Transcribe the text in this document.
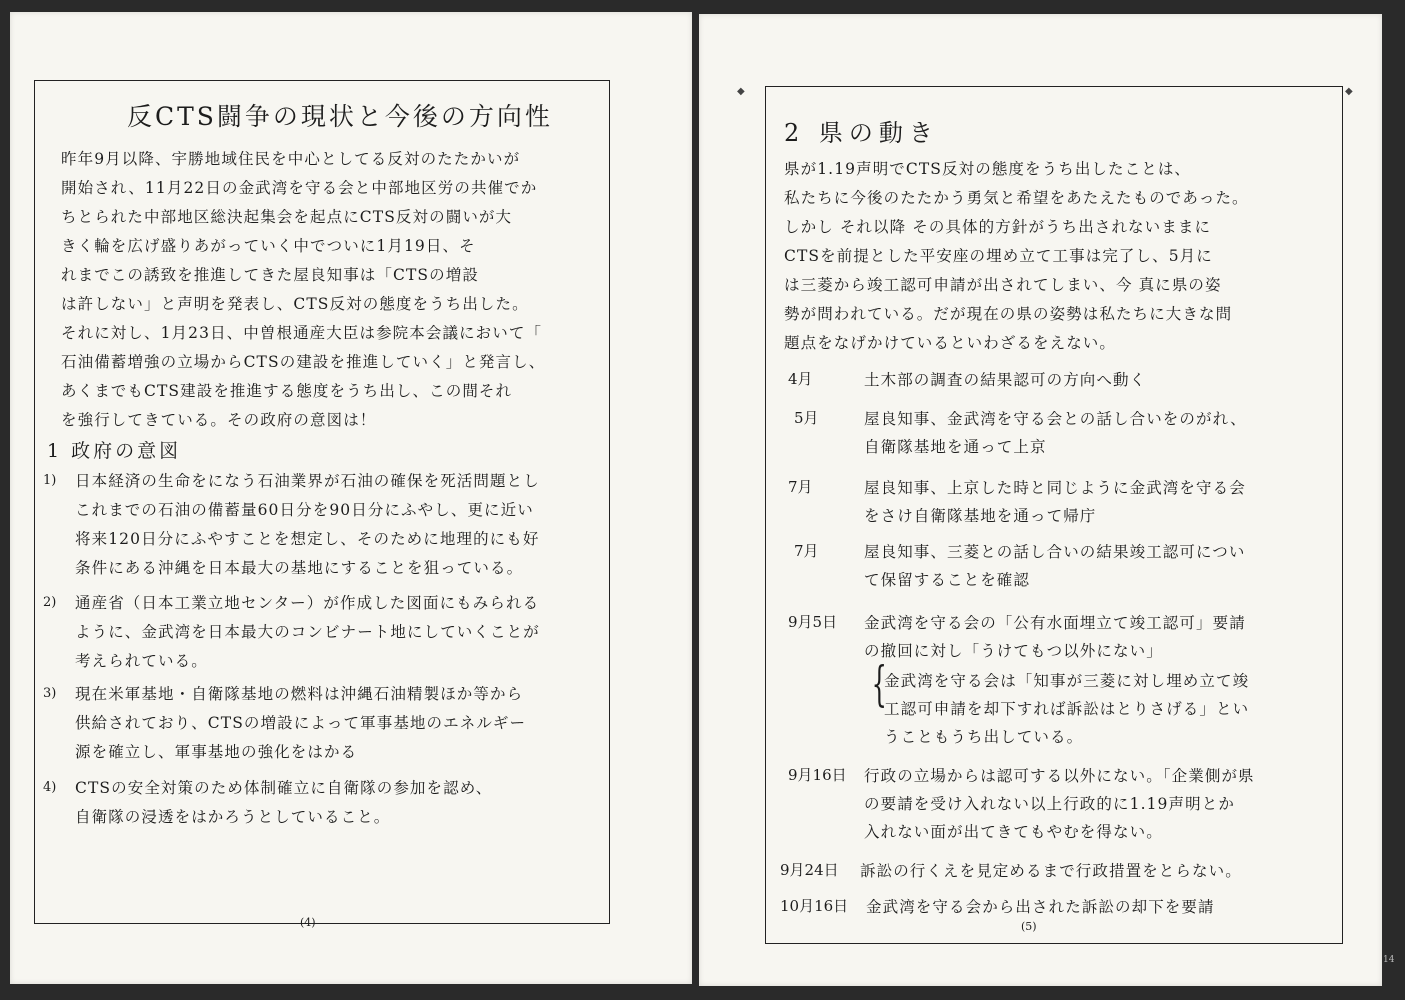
反CTS闘争の現状と今後の方向性
昨年9月以降、宇勝地域住民を中心としてる反対のたたかいが
開始され、11月22日の金武湾を守る会と中部地区労の共催でか
ちとられた中部地区総決起集会を起点にCTS反対の闘いが大
きく輪を広げ盛りあがっていく中でついに1月19日、そ
れまでこの誘致を推進してきた屋良知事は「CTSの増設
は許しない」と声明を発表し、CTS反対の態度をうち出した。
それに対し、1月23日、中曽根通産大臣は参院本会議において「
石油備蓄増強の立場からCTSの建設を推進していく」と発言し、
あくまでもCTS建設を推進する態度をうち出し、この間それ
を強行してきている。その政府の意図は！
1 政府の意図
1) 日本経済の生命をになう石油業界が石油の確保を死活問題とし
これまでの石油の備蓄量60日分を90日分にふやし、更に近い
将来120日分にふやすことを想定し、そのために地理的にも好
条件にある沖縄を日本最大の基地にすることを狙っている。
2) 通産省（日本工業立地センター）が作成した図面にもみられる
ように、金武湾を日本最大のコンビナート地にしていくことが
考えられている。
3) 現在米軍基地・自衛隊基地の燃料は沖縄石油精製ほか等から
供給されており、CTSの増設によって軍事基地のエネルギー
源を確立し、軍事基地の強化をはかる
4) CTSの安全対策のため体制確立に自衛隊の参加を認め、
自衛隊の浸透をはかろうとしていること。
(4)
◆	◆
2 県の動き
県が1.19声明でCTS反対の態度をうち出したことは、
私たちに今後のたたかう勇気と希望をあたえたものであった。
しかし それ以降 その具体的方針がうち出されないままに
CTSを前提とした平安座の埋め立て工事は完了し、5月に
は三菱から竣工認可申請が出されてしまい、今 真に県の姿
勢が問われている。だが現在の県の姿勢は私たちに大きな問
題点をなげかけているといわざるをえない。
4月	土木部の調査の結果認可の方向へ動く
5月	屋良知事、金武湾を守る会との話し合いをのがれ、
自衛隊基地を通って上京
7月	屋良知事、上京した時と同じように金武湾を守る会
をさけ自衛隊基地を通って帰庁
7月	屋良知事、三菱との話し合いの結果竣工認可につい
て保留することを確認
9月5日 金武湾を守る会の「公有水面埋立て竣工認可」要請
の撤回に対し「うけてもつ以外にない」
{
金武湾を守る会は「知事が三菱に対し埋め立て竣
工認可申請を却下すれば訴訟はとりさげる」とい
うこともうち出している。
9月16日 行政の立場からは認可する以外にない。「企業側が県
の要請を受け入れない以上行政的に1.19声明とか
入れない面が出てきてもやむを得ない。
9月24日 訴訟の行くえを見定めるまで行政措置をとらない。
10月16日 金武湾を守る会から出された訴訟の却下を要請
(5)
14
